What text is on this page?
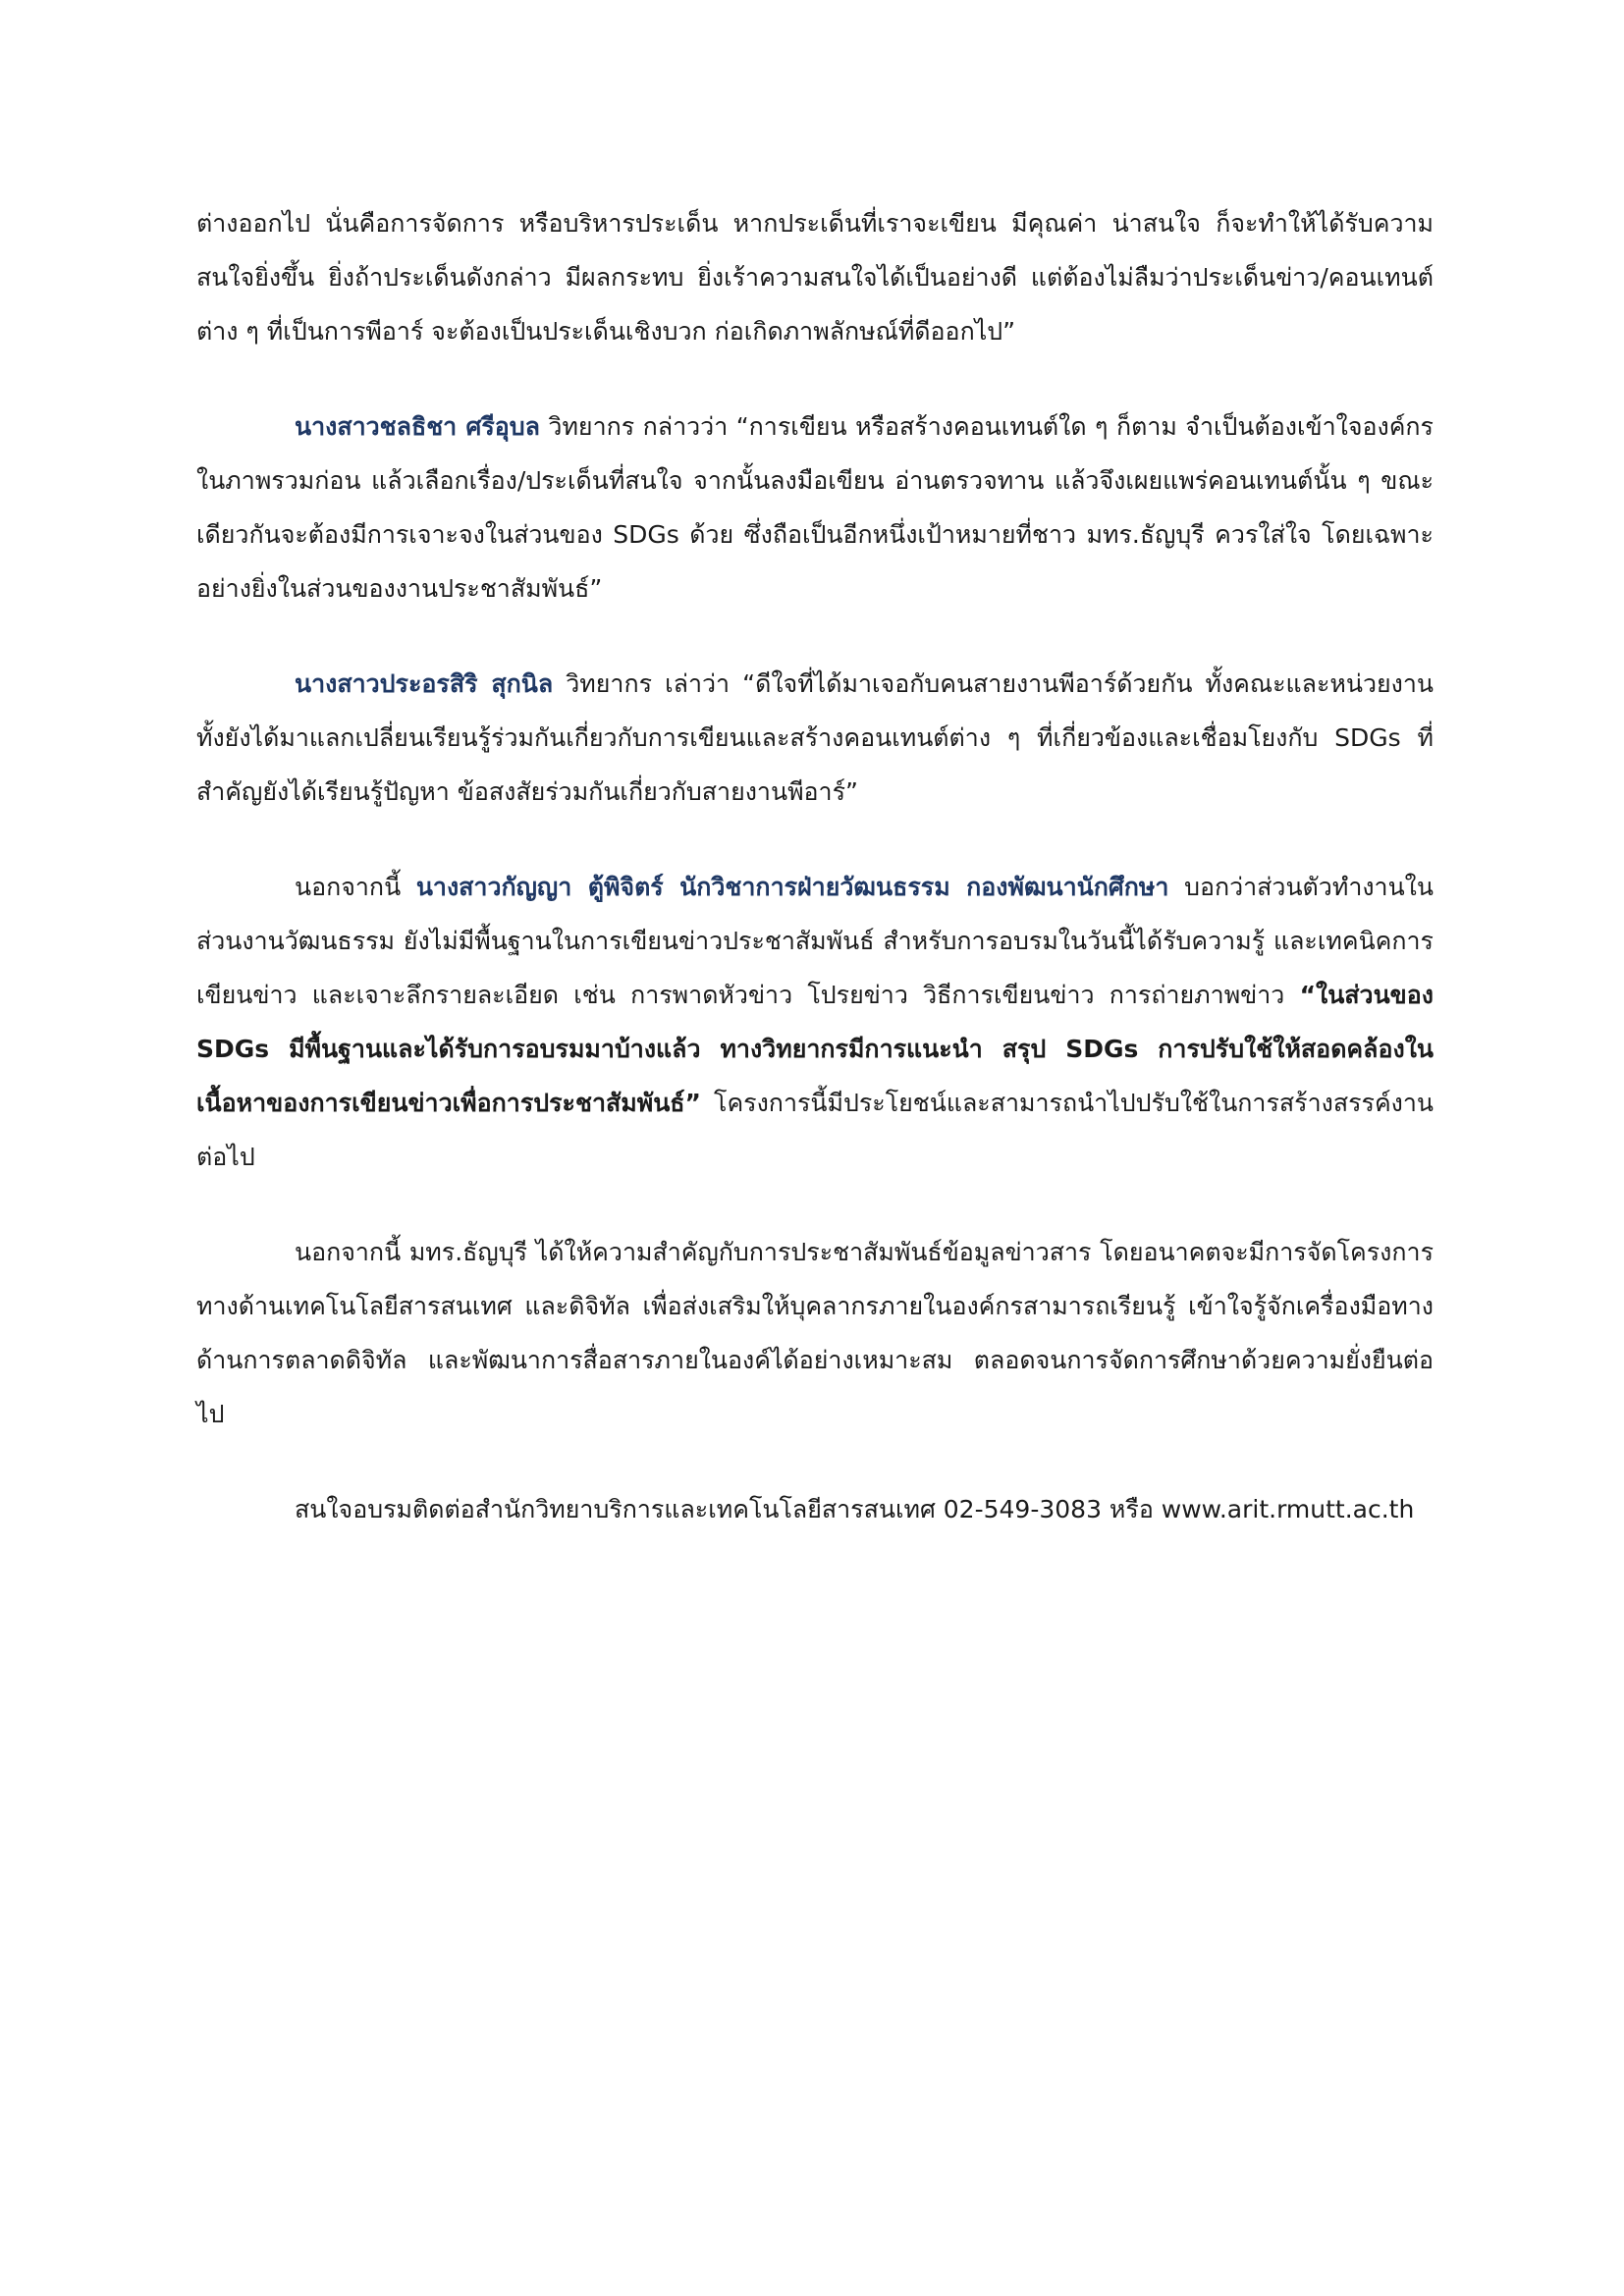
ต่างออกไป นั่นคือการจัดการ หรือบริหารประเด็น หากประเด็นที่เราจะเขียน มีคุณค่า น่าสนใจ ก็จะทำให้ได้รับความสนใจยิ่งขึ้น ยิ่งถ้าประเด็นดังกล่าว มีผลกระทบ ยิ่งเร้าความสนใจได้เป็นอย่างดี แต่ต้องไม่ลืมว่าประเด็นข่าว/คอนเทนต์ต่าง ๆ ที่เป็นการพีอาร์ จะต้องเป็นประเด็นเชิงบวก ก่อเกิดภาพลักษณ์ที่ดีออกไป”

นางสาวชลธิชา ศรีอุบล วิทยากร กล่าวว่า “การเขียน หรือสร้างคอนเทนต์ใด ๆ ก็ตาม จำเป็นต้องเข้าใจองค์กรในภาพรวมก่อน แล้วเลือกเรื่อง/ประเด็นที่สนใจ จากนั้นลงมือเขียน อ่านตรวจทาน แล้วจึงเผยแพร่คอนเทนต์นั้น ๆ ขณะเดียวกันจะต้องมีการเจาะจงในส่วนของ SDGs ด้วย ซึ่งถือเป็นอีกหนึ่งเป้าหมายที่ชาว มทร.ธัญบุรี ควรใส่ใจ โดยเฉพาะอย่างยิ่งในส่วนของงานประชาสัมพันธ์”

นางสาวประอรสิริ สุกนิล วิทยากร เล่าว่า “ดีใจที่ได้มาเจอกับคนสายงานพีอาร์ด้วยกัน ทั้งคณะและหน่วยงาน ทั้งยังได้มาแลกเปลี่ยนเรียนรู้ร่วมกันเกี่ยวกับการเขียนและสร้างคอนเทนต์ต่าง ๆ ที่เกี่ยวข้องและเชื่อมโยงกับ SDGs ที่สำคัญยังได้เรียนรู้ปัญหา ข้อสงสัยร่วมกันเกี่ยวกับสายงานพีอาร์”

นอกจากนี้ นางสาวกัญญา ตู้พิจิตร์ นักวิชาการฝ่ายวัฒนธรรม กองพัฒนานักศึกษา บอกว่าส่วนตัวทำงานในส่วนงานวัฒนธรรม ยังไม่มีพื้นฐานในการเขียนข่าวประชาสัมพันธ์ สำหรับการอบรมในวันนี้ได้รับความรู้ และเทคนิคการเขียนข่าว และเจาะลึกรายละเอียด เช่น การพาดหัวข่าว โปรยข่าว วิธีการเขียนข่าว การถ่ายภาพข่าว “ในส่วนของ SDGs มีพื้นฐานและได้รับการอบรมมาบ้างแล้ว ทางวิทยากรมีการแนะนำ สรุป SDGs การปรับใช้ให้สอดคล้องในเนื้อหาของการเขียนข่าวเพื่อการประชาสัมพันธ์” โครงการนี้มีประโยชน์และสามารถนำไปปรับใช้ในการสร้างสรรค์งานต่อไป

นอกจากนี้ มทร.ธัญบุรี ได้ให้ความสำคัญกับการประชาสัมพันธ์ข้อมูลข่าวสาร โดยอนาคตจะมีการจัดโครงการทางด้านเทคโนโลยีสารสนเทศ และดิจิทัล เพื่อส่งเสริมให้บุคลากรภายในองค์กรสามารถเรียนรู้ เข้าใจรู้จักเครื่องมือทางด้านการตลาดดิจิทัล และพัฒนาการสื่อสารภายในองค์ได้อย่างเหมาะสม ตลอดจนการจัดการศึกษาด้วยความยั่งยืนต่อไป

สนใจอบรมติดต่อสำนักวิทยาบริการและเทคโนโลยีสารสนเทศ 02-549-3083 หรือ www.arit.rmutt.ac.th
